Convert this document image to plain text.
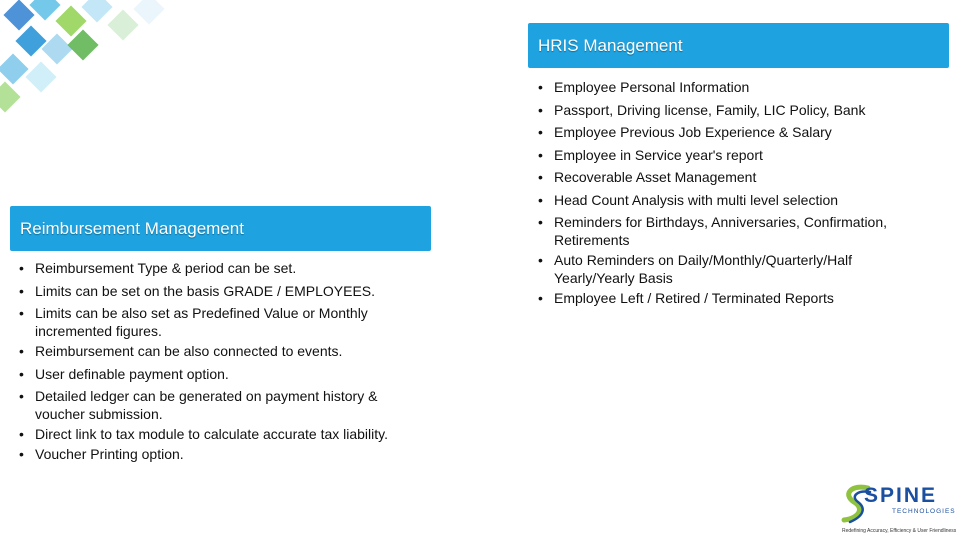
HRIS Management
• Employee Personal Information
• Passport, Driving license, Family, LIC Policy, Bank
• Employee Previous Job Experience & Salary
• Employee in Service year's report
• Recoverable Asset Management
• Head Count Analysis with multi level selection
• Reminders for Birthdays, Anniversaries, Confirmation, Retirements
• Auto Reminders on Daily/Monthly/Quarterly/Half Yearly/Yearly Basis
• Employee Left / Retired / Terminated Reports
Reimbursement Management
• Reimbursement Type & period can be set.
• Limits can be set on the basis GRADE / EMPLOYEES.
• Limits can be also set as Predefined Value or Monthly incremented figures.
• Reimbursement can be also connected to events.
• User definable payment option.
• Detailed ledger can be generated on payment history & voucher submission.
• Direct link to tax module to calculate accurate tax liability.
• Voucher Printing option.
SPINE
TECHNOLOGIES
Redefining Accuracy, Efficiency & User Friendliness
